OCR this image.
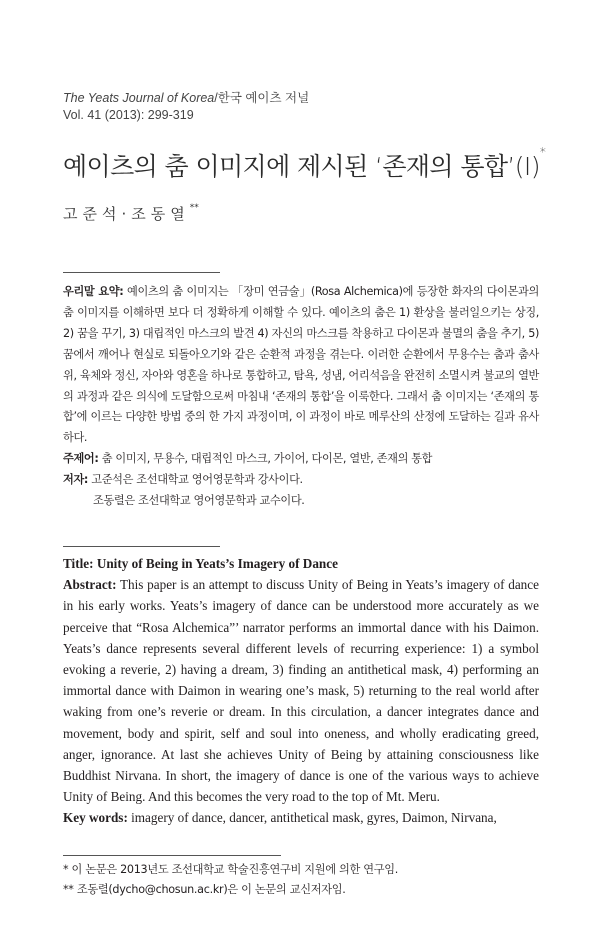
The Yeats Journal of Korea/한국 예이츠 저널
Vol. 41 (2013): 299-319
예이츠의 춤 이미지에 제시된 ‘존재의 통합’(I)*
고준석·조동열**

우리말 요약: 예이츠의 춤 이미지는 「장미 연금술」(Rosa Alchemica)에 등장한 화자의 다이몬과의 춤 이미지를 이해하면 보다 더 정확하게 이해할 수 있다. 예이츠의 춤은 1) 환상을 불러일으키는 상징, 2) 꿈을 꾸기, 3) 대립적인 마스크의 발견 4) 자신의 마스크를 착용하고 다이몬과 불멸의 춤을 추기, 5) 꿈에서 깨어나 현실로 되돌아오기와 같은 순환적 과정을 겪는다. 이러한 순환에서 무용수는 춤과 춤사위, 육체와 정신, 자아와 영혼을 하나로 통합하고, 탐욕, 성냄, 어리석음을 완전히 소멸시켜 불교의 열반의 과정과 같은 의식에 도달함으로써 마침내 ‘존재의 통합’을 이룩한다. 그래서 춤 이미지는 ‘존재의 통합’에 이르는 다양한 방법 중의 한 가지 과정이며, 이 과정이 바로 메루산의 산정에 도달하는 길과 유사하다.

주제어: 춤 이미지, 무용수, 대립적인 마스크, 가이어, 다이몬, 열반, 존재의 통합

저자: 고준석은 조선대학교 영어영문학과 강사이다.

조동렬은 조선대학교 영어영문학과 교수이다.

Title: Unity of Being in Yeats’s Imagery of Dance

Abstract: This paper is an attempt to discuss Unity of Being in Yeats’s imagery of dance in his early works. Yeats’s imagery of dance can be understood more accurately as we perceive that “Rosa Alchemica”’ narrator performs an immortal dance with his Daimon. Yeats’s dance represents several different levels of recurring experience: 1) a symbol evoking a reverie, 2) having a dream, 3) finding an antithetical mask, 4) performing an immortal dance with Daimon in wearing one’s mask, 5) returning to the real world after waking from one’s reverie or dream. In this circulation, a dancer integrates dance and movement, body and spirit, self and soul into oneness, and wholly eradicating greed, anger, ignorance. At last she achieves Unity of Being by attaining consciousness like Buddhist Nirvana. In short, the imagery of dance is one of the various ways to achieve Unity of Being. And this becomes the very road to the top of Mt. Meru.

Key words: imagery of dance, dancer, antithetical mask, gyres, Daimon, Nirvana,

* 이 논문은 2013년도 조선대학교 학술진흥연구비 지원에 의한 연구임.
** 조동렬(dycho@chosun.ac.kr)은 이 논문의 교신저자임.
